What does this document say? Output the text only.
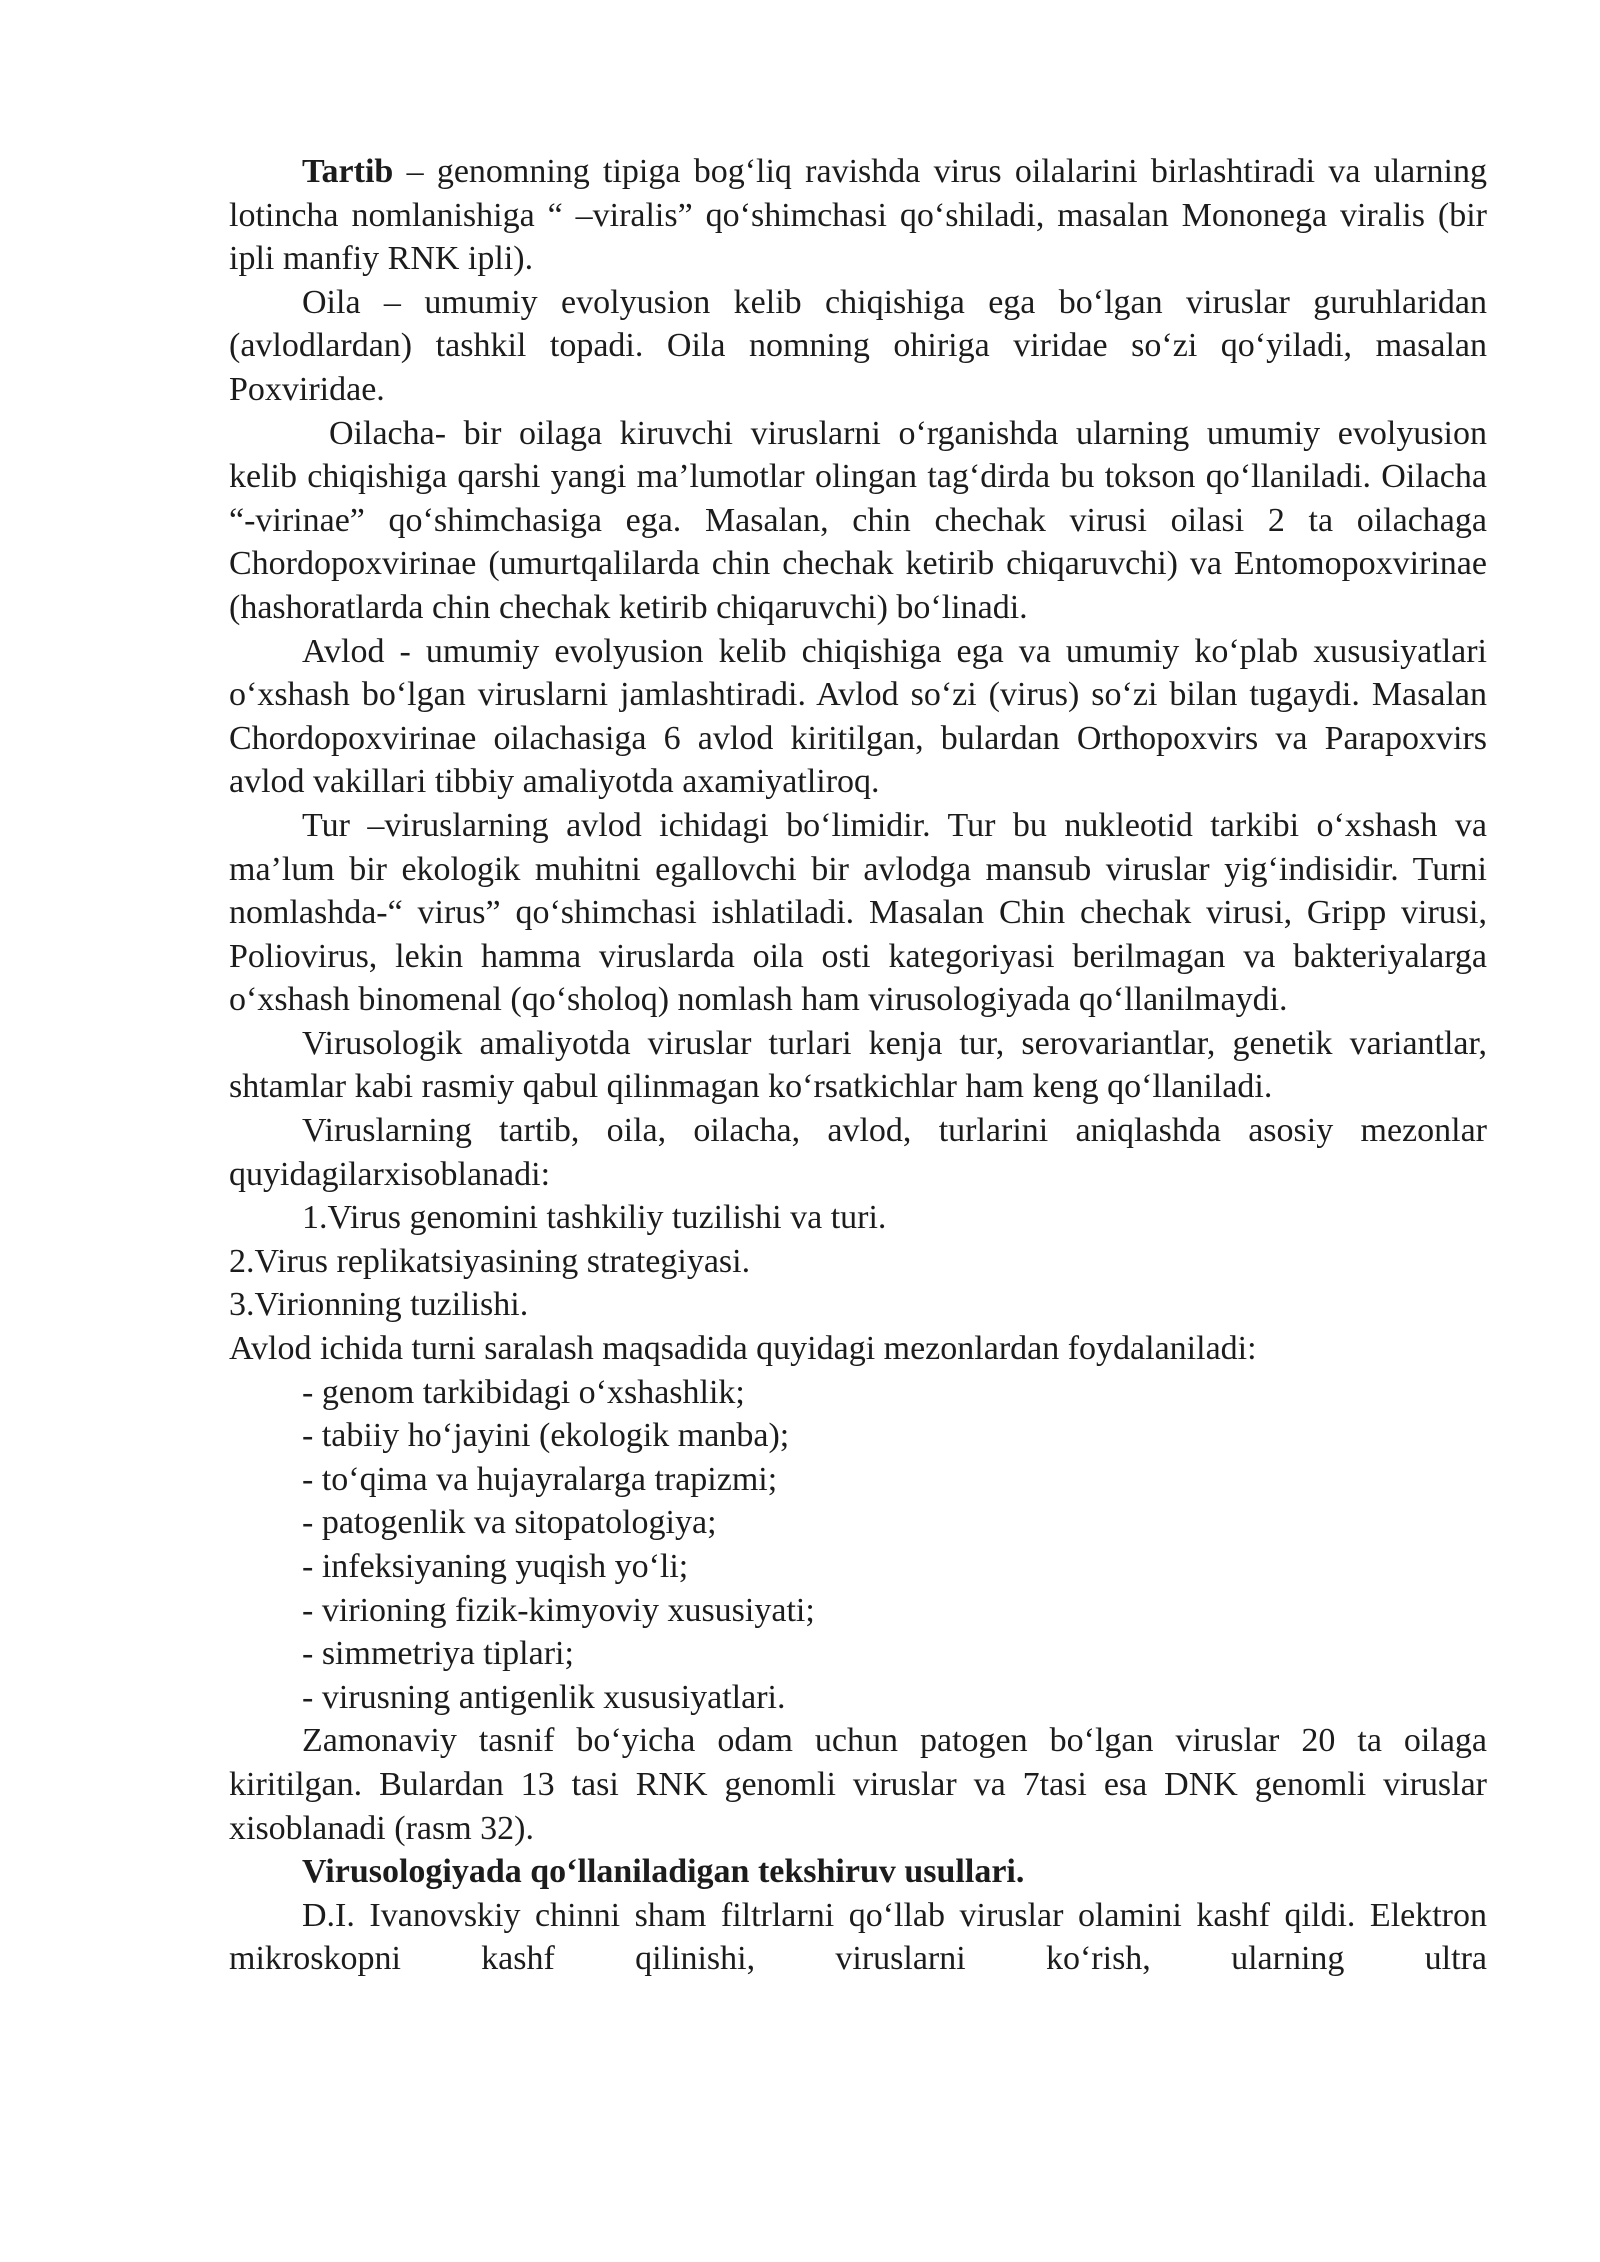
Tartib – genomning tipiga bog‘liq ravishda virus oilalarini birlashtiradi va ularning lotincha nomlanishiga “ –viralis” qo‘shimchasi qo‘shiladi, masalan Mononega viralis (bir ipli manfiy RNK ipli).

Oila – umumiy evolyusion kelib chiqishiga ega bo‘lgan viruslar guruhlaridan (avlodlardan) tashkil topadi. Oila nomning ohiriga viridae so‘zi qo‘yiladi, masalan Poxviridae.

Oilacha- bir oilaga kiruvchi viruslarni o‘rganishda ularning umumiy evolyusion kelib chiqishiga qarshi yangi ma’lumotlar olingan tag‘dirda bu tokson qo‘llaniladi. Oilacha “-virinae” qo‘shimchasiga ega. Masalan, chin chechak virusi oilasi 2 ta oilachaga Chordopoxvirinae (umurtqalilarda chin chechak ketirib chiqaruvchi) va Entomopoxvirinae (hashoratlarda chin chechak ketirib chiqaruvchi) bo‘linadi.

Avlod - umumiy evolyusion kelib chiqishiga ega va umumiy ko‘plab xususiyatlari o‘xshash bo‘lgan viruslarni jamlashtiradi. Avlod so‘zi (virus) so‘zi bilan tugaydi. Masalan Chordopoxvirinae oilachasiga 6 avlod kiritilgan, bulardan Orthopoxvirs va Parapoxvirs avlod vakillari tibbiy amaliyotda axamiyatliroq.

Tur –viruslarning avlod ichidagi bo‘limidir. Tur bu nukleotid tarkibi o‘xshash va ma’lum bir ekologik muhitni egallovchi bir avlodga mansub viruslar yig‘indisidir. Turni nomlashda-“ virus” qo‘shimchasi ishlatiladi. Masalan Chin chechak virusi, Gripp virusi, Poliovirus, lekin hamma viruslarda oila osti kategoriyasi berilmagan va bakteriyalarga o‘xshash binomenal (qo‘sholoq) nomlash ham virusologiyada qo‘llanilmaydi.

Virusologik amaliyotda viruslar turlari kenja tur, serovariantlar, genetik variantlar, shtamlar kabi rasmiy qabul qilinmagan ko‘rsatkichlar ham keng qo‘llaniladi.

Viruslarning tartib, oila, oilacha, avlod, turlarini aniqlashda asosiy mezonlar quyidagilarxisoblanadi:

1.Virus genomini tashkiliy tuzilishi va turi.

2.Virus replikatsiyasining strategiyasi.

3.Virionning tuzilishi.

Avlod ichida turni saralash maqsadida quyidagi mezonlardan foydalaniladi:

- genom tarkibidagi o‘xshashlik;

- tabiiy ho‘jayini (ekologik manba);

- to‘qima va hujayralarga trapizmi;

- patogenlik va sitopatologiya;

- infeksiyaning yuqish yo‘li;

- virioning fizik-kimyoviy xususiyati;

- simmetriya tiplari;

- virusning antigenlik xususiyatlari.

Zamonaviy tasnif bo‘yicha odam uchun patogen bo‘lgan viruslar 20 ta oilaga kiritilgan. Bulardan 13 tasi RNK genomli viruslar va 7tasi esa DNK genomli viruslar xisoblanadi (rasm 32).

Virusologiyada qo‘llaniladigan tekshiruv usullari.

D.I. Ivanovskiy chinni sham filtrlarni qo‘llab viruslar olamini kashf qildi. Elektron mikroskopni kashf qilinishi, viruslarni ko‘rish, ularning ultra
